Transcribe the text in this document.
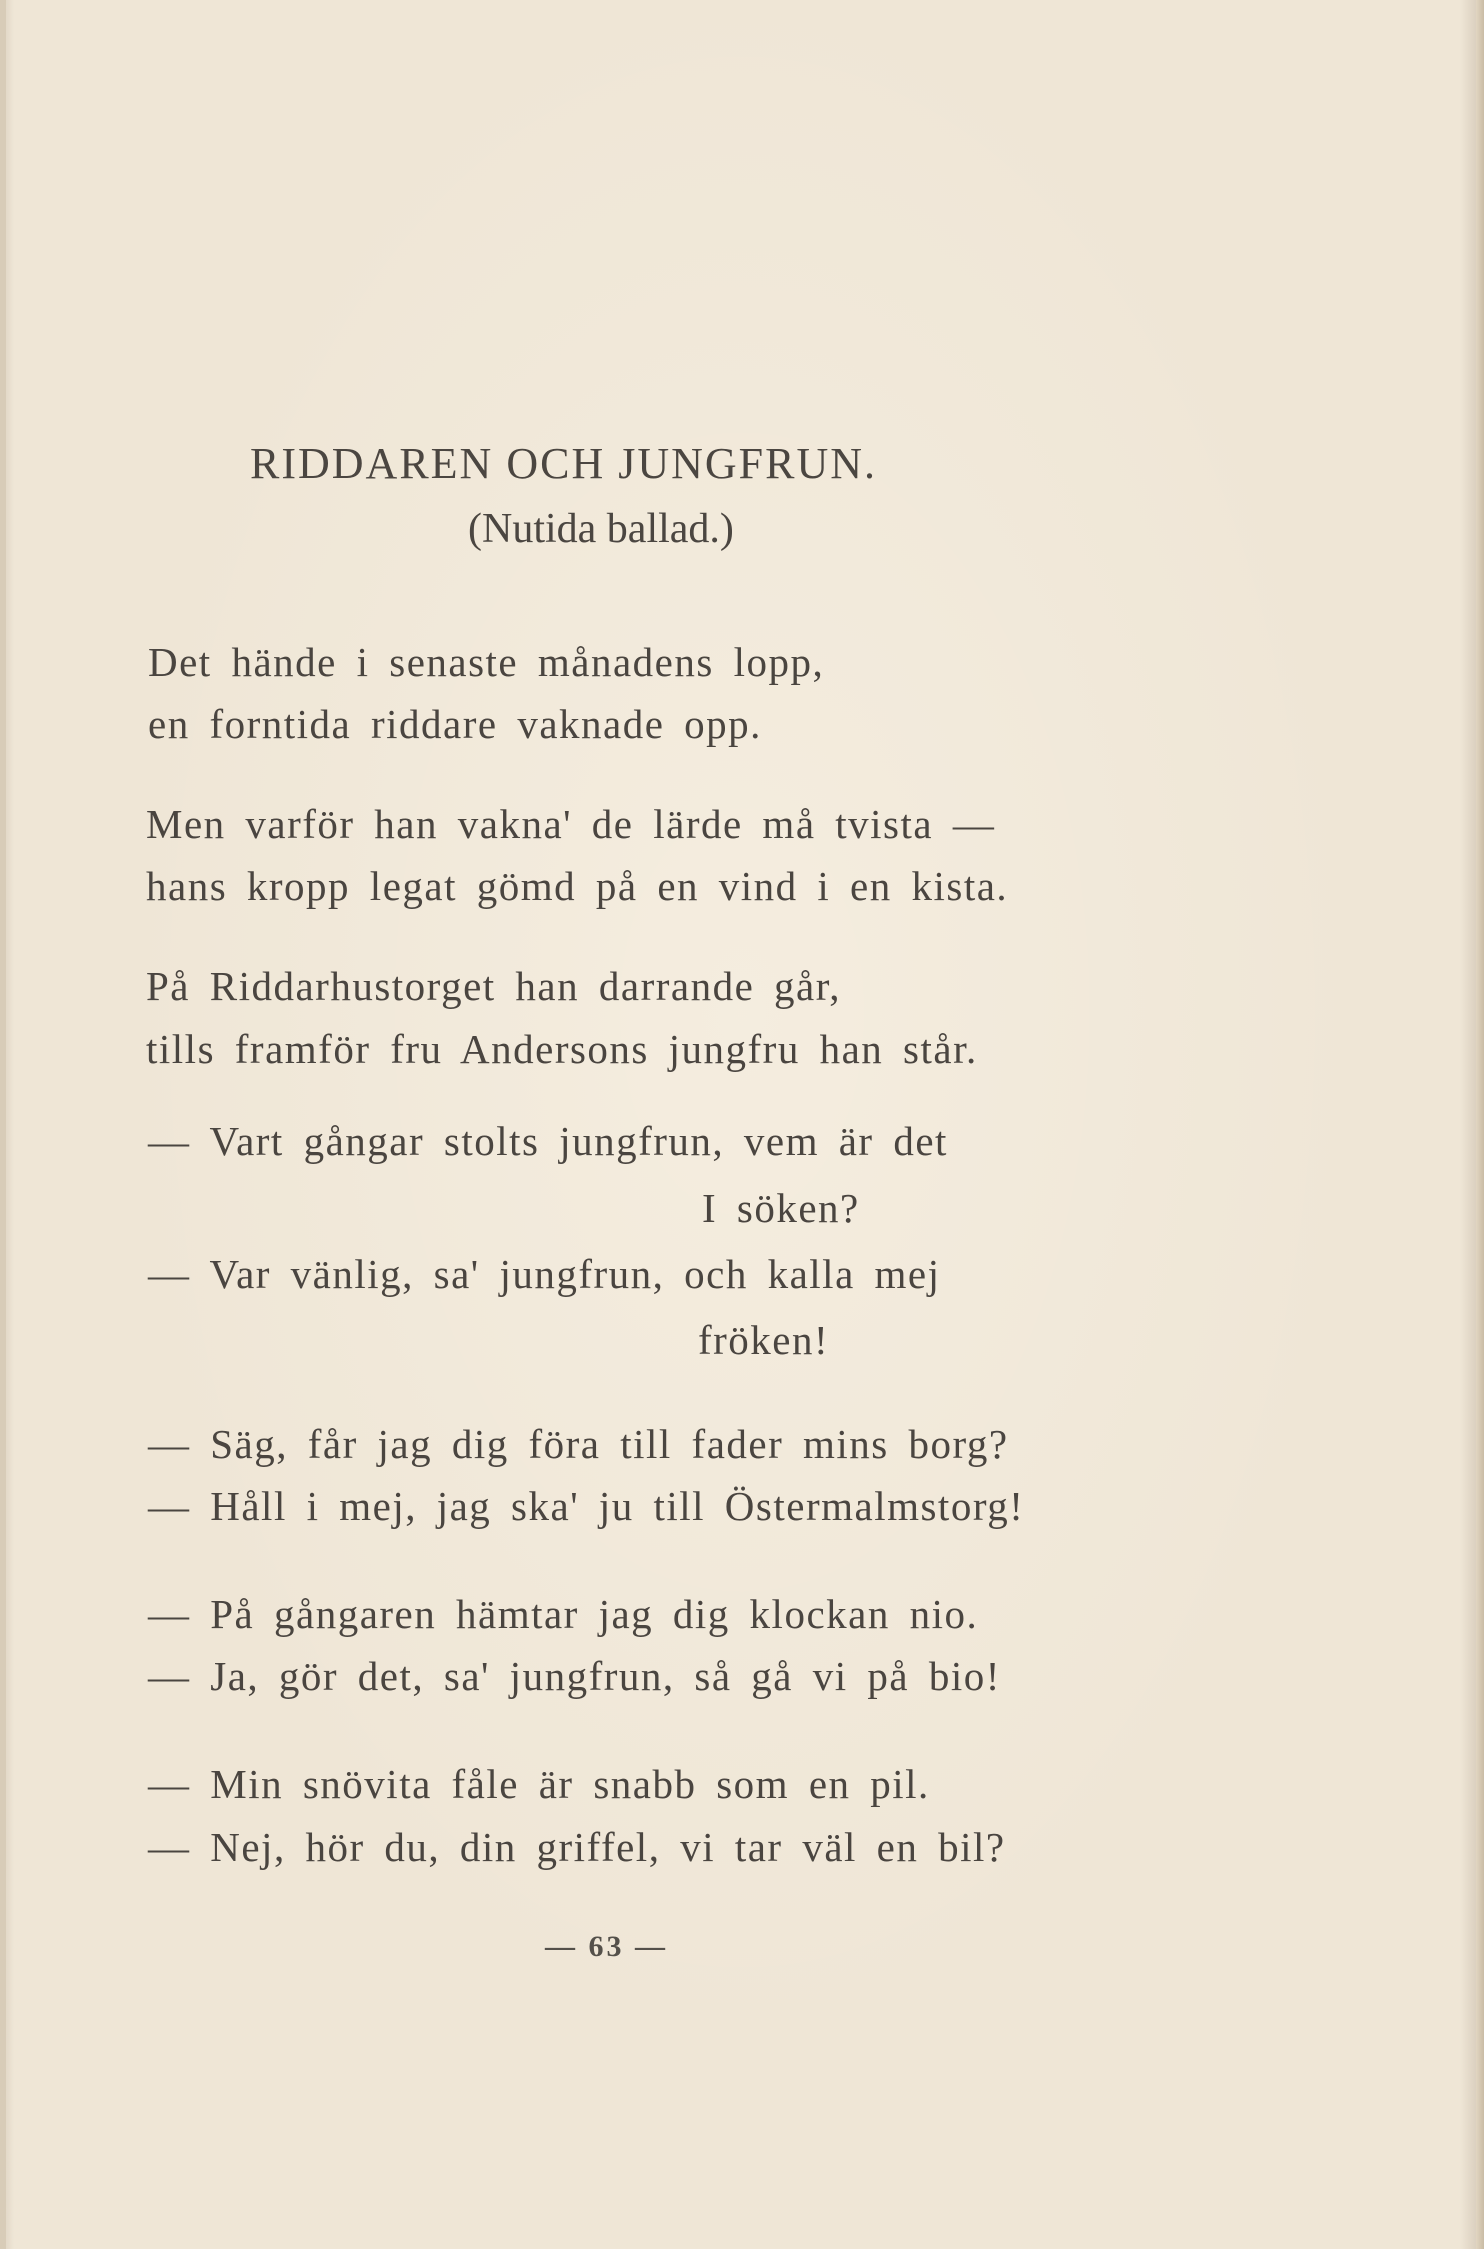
RIDDAREN OCH JUNGFRUN.
(Nutida ballad.)
Det hände i senaste månadens lopp,
en forntida riddare vaknade opp.
Men varför han vakna' de lärde må tvista —
hans kropp legat gömd på en vind i en kista.
På Riddarhustorget han darrande går,
tills framför fru Andersons jungfru han står.
— Vart gångar stolts jungfrun, vem är det
I söken?
— Var vänlig, sa' jungfrun, och kalla mej
fröken!
— Säg, får jag dig föra till fader mins borg?
— Håll i mej, jag ska' ju till Östermalmstorg!
— På gångaren hämtar jag dig klockan nio.
— Ja, gör det, sa' jungfrun, så gå vi på bio!
— Min snövita fåle är snabb som en pil.
— Nej, hör du, din griffel, vi tar väl en bil?
— 63 —
